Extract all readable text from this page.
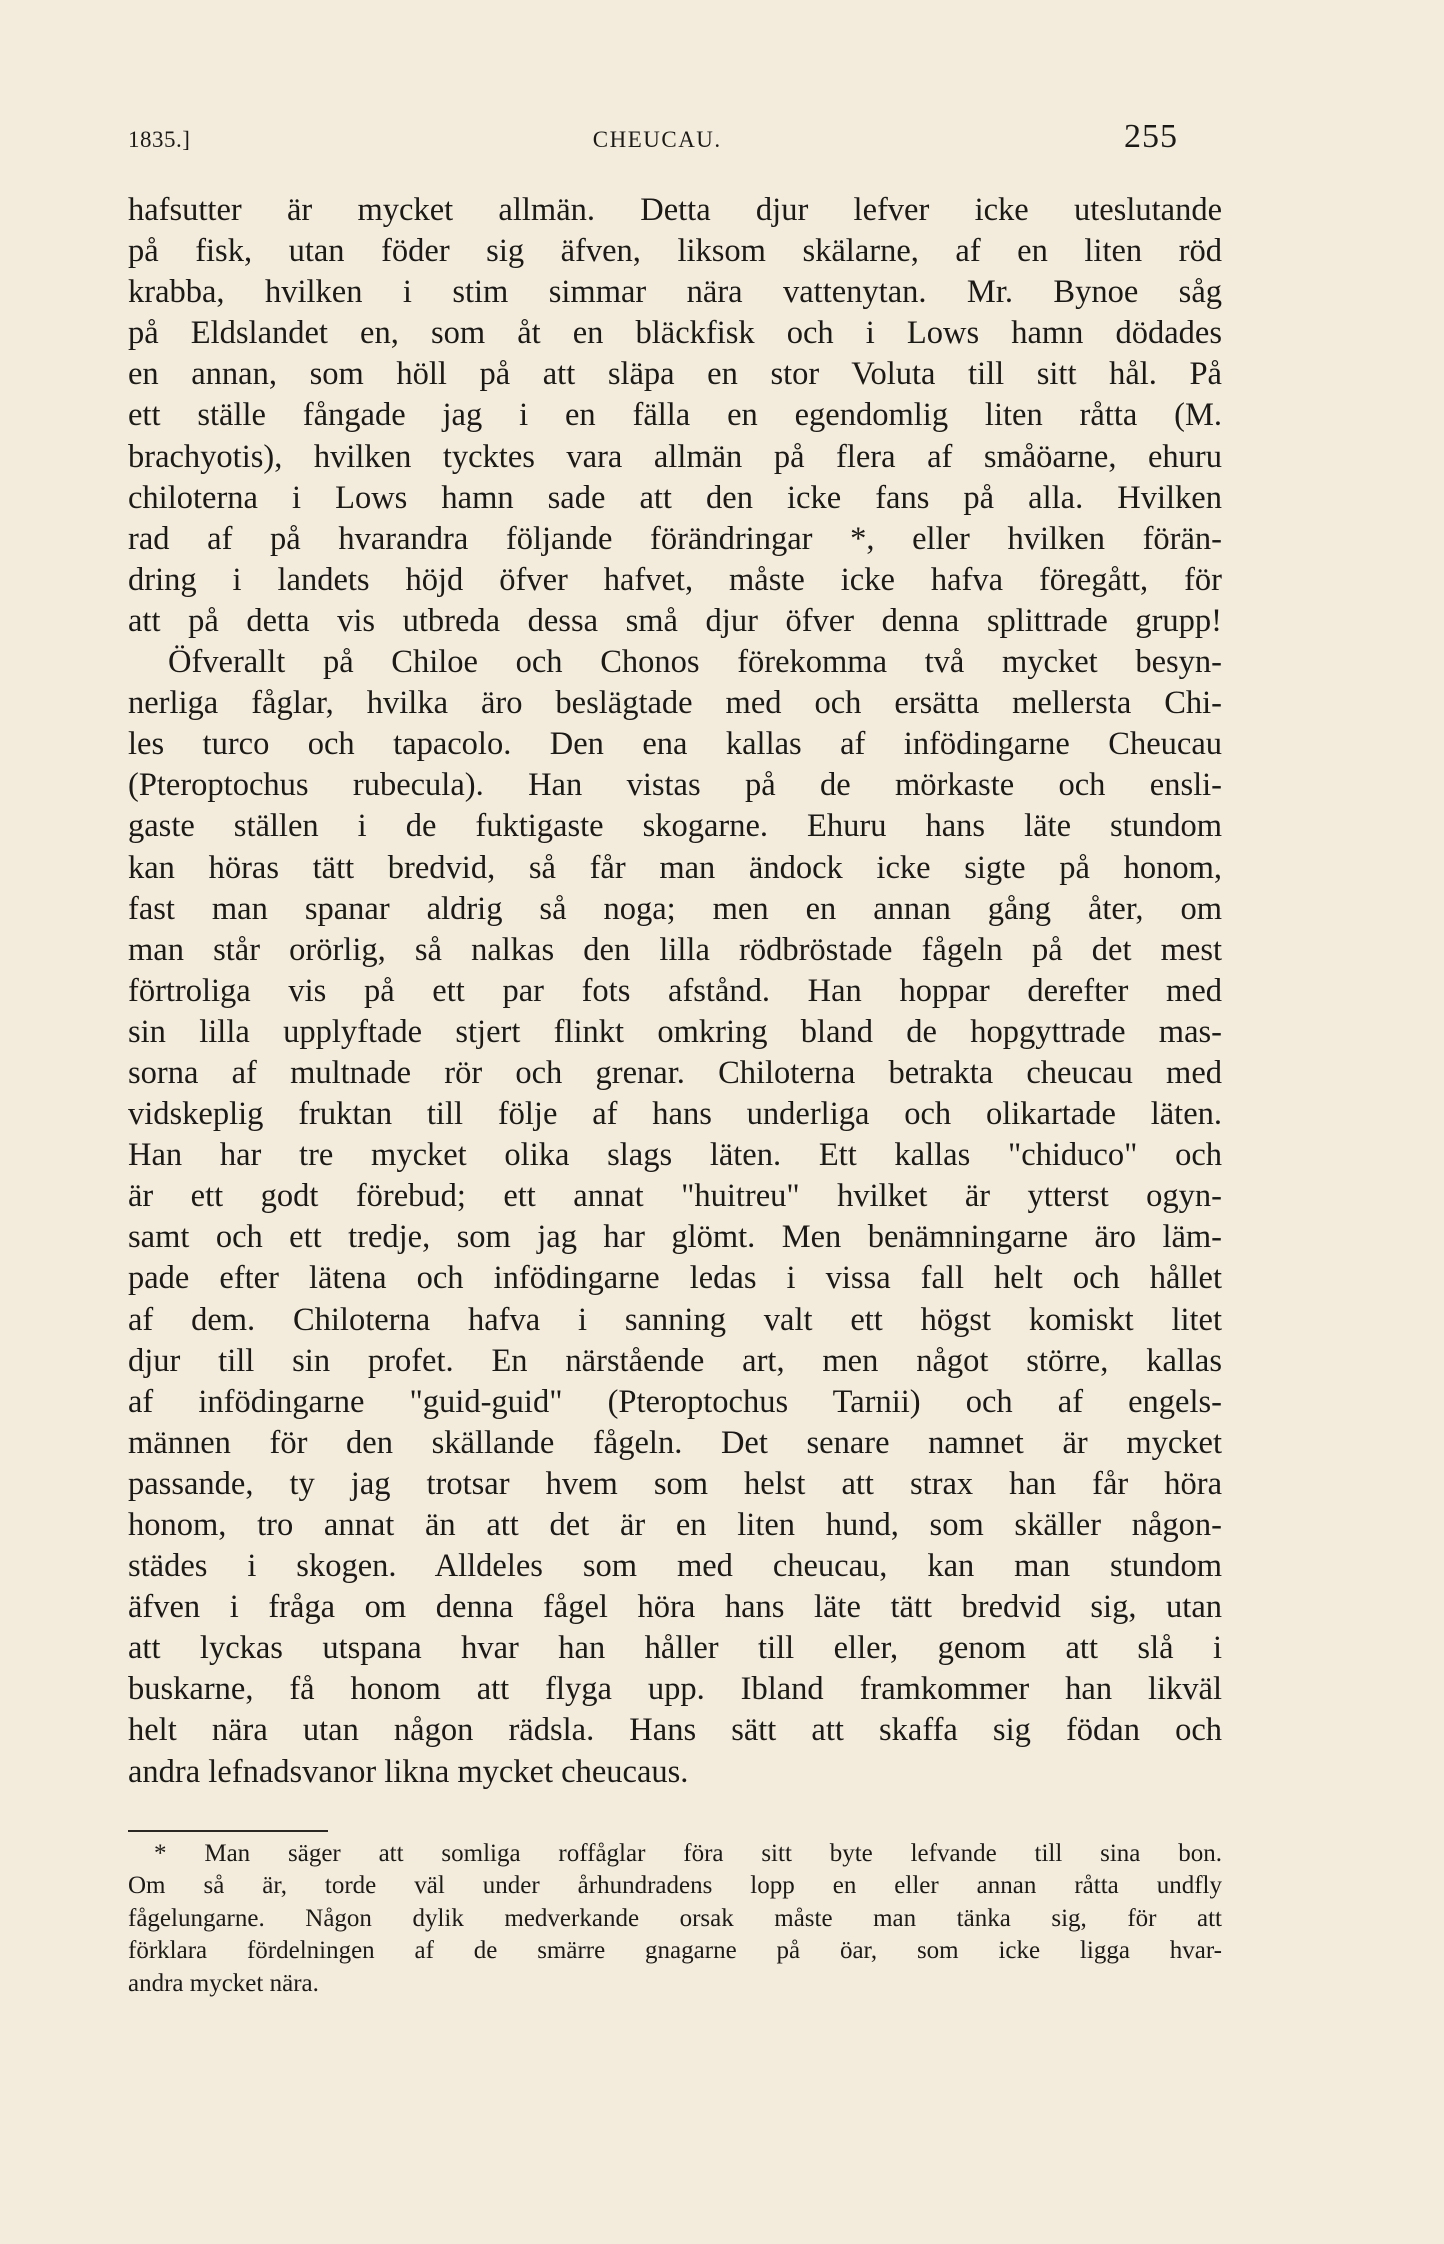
1835.]	CHEUCAU.	255
hafsutter är mycket allmän. Detta djur lefver icke uteslutande
på fisk, utan föder sig äfven, liksom skälarne, af en liten röd
krabba, hvilken i stim simmar nära vattenytan. Mr. Bynoe såg
på Eldslandet en, som åt en bläckfisk och i Lows hamn dödades
en annan, som höll på att släpa en stor Voluta till sitt hål. På
ett ställe fångade jag i en fälla en egendomlig liten råtta (M.
brachyotis), hvilken tycktes vara allmän på flera af småöarne, ehuru
chiloterna i Lows hamn sade att den icke fans på alla. Hvilken
rad af på hvarandra följande förändringar *, eller hvilken förän-
dring i landets höjd öfver hafvet, måste icke hafva föregått, för
att på detta vis utbreda dessa små djur öfver denna splittrade grupp!
Öfverallt på Chiloe och Chonos förekomma två mycket besyn-
nerliga fåglar, hvilka äro beslägtade med och ersätta mellersta Chi-
les turco och tapacolo. Den ena kallas af infödingarne Cheucau
(Pteroptochus rubecula). Han vistas på de mörkaste och ensli-
gaste ställen i de fuktigaste skogarne. Ehuru hans läte stundom
kan höras tätt bredvid, så får man ändock icke sigte på honom,
fast man spanar aldrig så noga; men en annan gång åter, om
man står orörlig, så nalkas den lilla rödbröstade fågeln på det mest
förtroliga vis på ett par fots afstånd. Han hoppar derefter med
sin lilla upplyftade stjert flinkt omkring bland de hopgyttrade mas-
sorna af multnade rör och grenar. Chiloterna betrakta cheucau med
vidskeplig fruktan till följe af hans underliga och olikartade läten.
Han har tre mycket olika slags läten. Ett kallas "chiduco" och
är ett godt förebud; ett annat "huitreu" hvilket är ytterst ogyn-
samt och ett tredje, som jag har glömt. Men benämningarne äro läm-
pade efter lätena och infödingarne ledas i vissa fall helt och hållet
af dem. Chiloterna hafva i sanning valt ett högst komiskt litet
djur till sin profet. En närstående art, men något större, kallas
af infödingarne "guid-guid" (Pteroptochus Tarnii) och af engels-
männen för den skällande fågeln. Det senare namnet är mycket
passande, ty jag trotsar hvem som helst att strax han får höra
honom, tro annat än att det är en liten hund, som skäller någon-
städes i skogen. Alldeles som med cheucau, kan man stundom
äfven i fråga om denna fågel höra hans läte tätt bredvid sig, utan
att lyckas utspana hvar han håller till eller, genom att slå i
buskarne, få honom att flyga upp. Ibland framkommer han likväl
helt nära utan någon rädsla. Hans sätt att skaffa sig födan och
andra lefnadsvanor likna mycket cheucaus.
* Man säger att somliga roffåglar föra sitt byte lefvande till sina bon.
Om så är, torde väl under århundradens lopp en eller annan råtta undfly
fågelungarne. Någon dylik medverkande orsak måste man tänka sig, för att
förklara fördelningen af de smärre gnagarne på öar, som icke ligga hvar-
andra mycket nära.
